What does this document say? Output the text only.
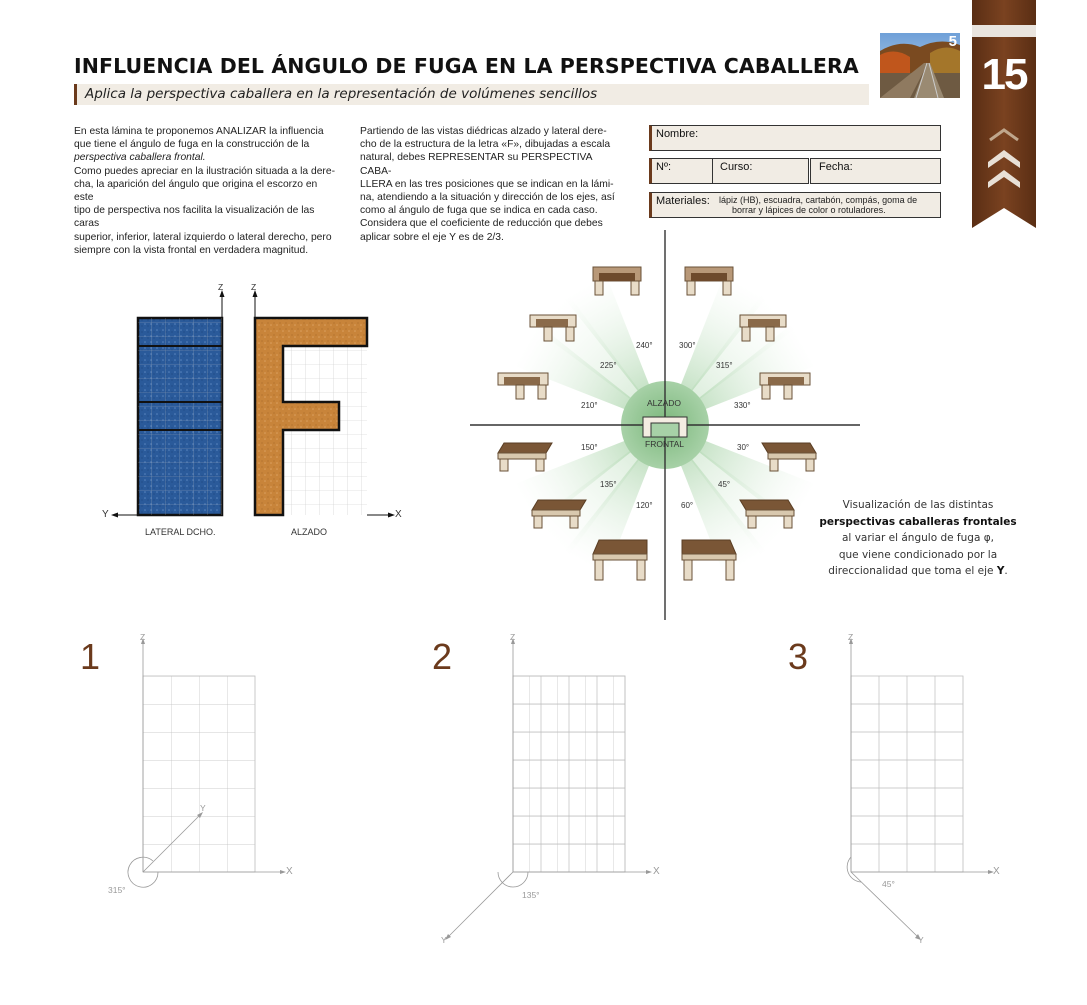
INFLUENCIA DEL ÁNGULO DE FUGA EN LA PERSPECTIVA CABALLERA
Aplica la perspectiva caballera en la representación de volúmenes sencillos
5
15

En esta lámina te proponemos ANALIZAR la influencia

que tiene el ángulo de fuga en la construcción de la

perspectiva caballera frontal.

Como puedes apreciar en la ilustración situada a la dere-

cha, la aparición del ángulo que origina el escorzo en este

tipo de perspectiva nos facilita la visualización de las caras

superior, inferior, lateral izquierdo o lateral derecho, pero

siempre con la vista frontal en verdadera magnitud.

Partiendo de las vistas diédricas alzado y lateral dere-

cho de la estructura de la letra «F», dibujadas a escala

natural, debes REPRESENTAR su PERSPECTIVA CABA-

LLERA en las tres posiciones que se indican en la lámi-

na, atendiendo a la situación y dirección de los ejes, así

como al ángulo de fuga que se indica en cada caso.

Considera que el coeficiente de reducción que debes

aplicar sobre el eje Y es de 2/3.

Nombre:
Nº:	Curso:	Fecha:
Materiales: lápiz (HB), escuadra, cartabón, compás, goma de
borrar y lápices de color o rotuladores.
Z	Z
Y	X
LATERAL DCHO.	ALZADO
ALZADO
FRONTAL
240°	300°
225°	315°
210°	330°
150°	30°
135°	45°
120°	60°	Visualización de las distintas
perspectivas caballeras frontales
al variar el ángulo de fuga φ,
que viene condicionado por la
direccionalidad que toma el eje Y.
1	Z
X
Y
315°
2	Z
X
Y
135°
3	Z
X
Y
45°
